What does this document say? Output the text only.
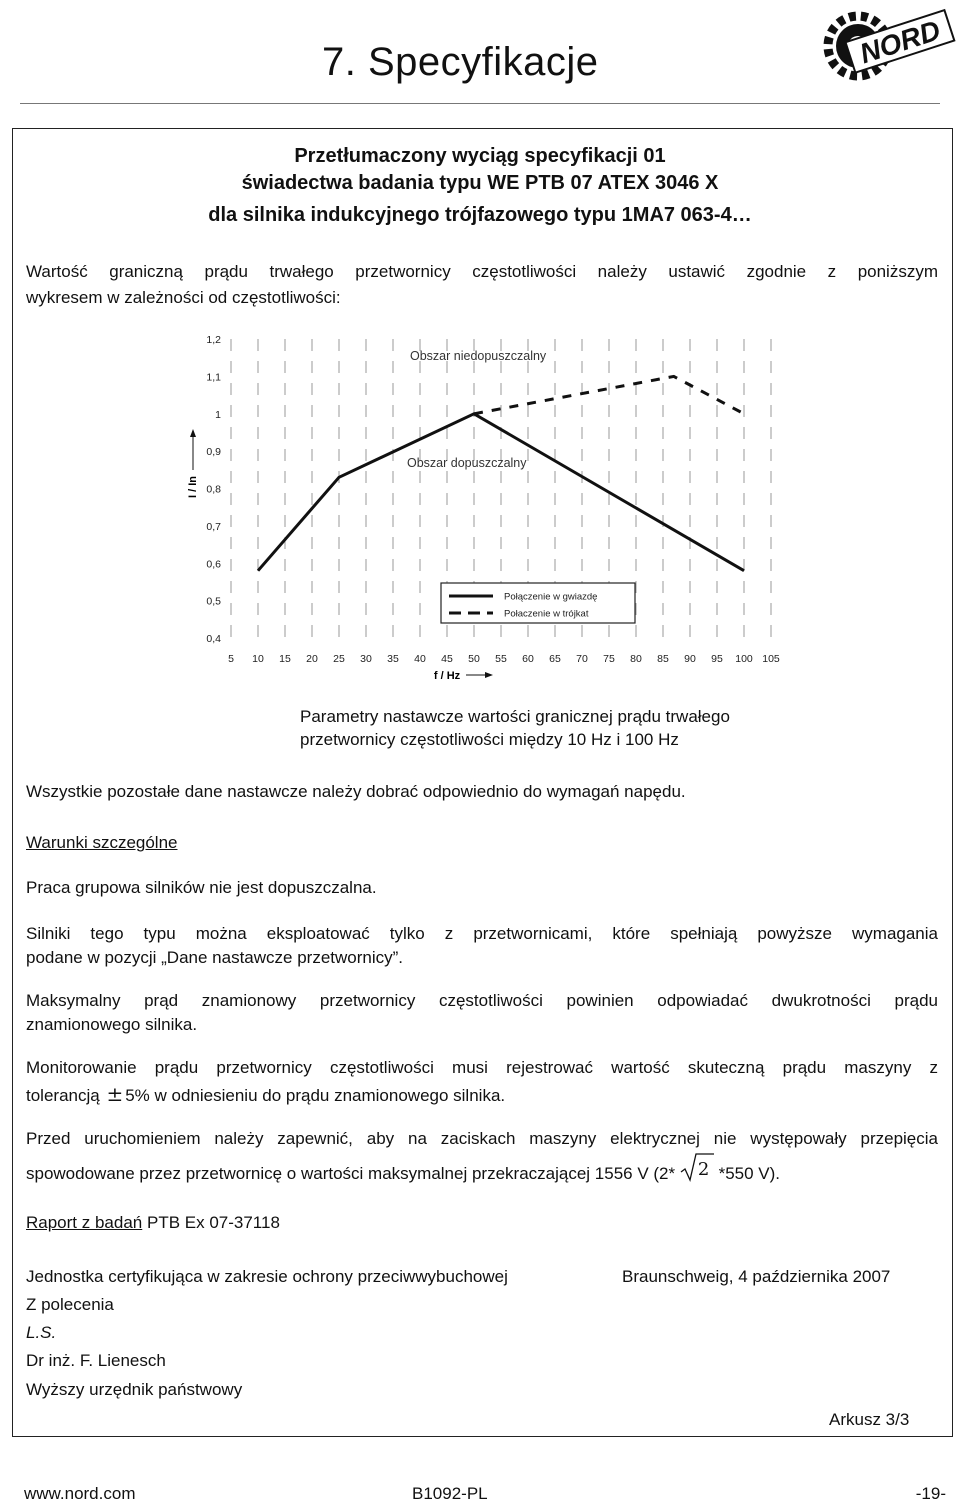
7. Specyfikacje	NORD
Przetłumaczony wyciąg specyfikacji 01
świadectwa badania typu WE PTB 07 ATEX 3046 X
dla silnika indukcyjnego trójfazowego typu 1MA7 063-4…
Wartość graniczną prądu trwałego przetwornicy częstotliwości należy ustawić zgodnie z poniższym
wykresem w zależności od częstotliwości:
5 10 15 20 25 30 35 40 45 50 55 60 65 70 75 80 85 90 95 100 105
0,4
0,5
0,6
0,7
0,8
0,9
1
1,1
1,2
f / Hz
I / In
Obszar niedopuszczalny
Obszar dopuszczalny
Połączenie w gwiazdę
Połaczenie w trójkat
Parametry nastawcze wartości granicznej prądu trwałego
przetwornicy częstotliwości między 10 Hz i 100 Hz
Wszystkie pozostałe dane nastawcze należy dobrać odpowiednio do wymagań napędu.
Warunki szczególne
Praca grupowa silników nie jest dopuszczalna.
Silniki tego typu można eksploatować tylko z przetwornicami, które spełniają powyższe wymagania
podane w pozycji „Dane nastawcze przetwornicy”.
Maksymalny prąd znamionowy przetwornicy częstotliwości powinien odpowiadać dwukrotności prądu
znamionowego silnika.
Monitorowanie prądu przetwornicy częstotliwości musi rejestrować wartość skuteczną prądu maszyny z
tolerancją ± 5% w odniesieniu do prądu znamionowego silnika.
Przed uruchomieniem należy zapewnić, aby na zaciskach maszyny elektrycznej nie występowały przepięcia
spowodowane przez przetwornicę o wartości maksymalnej przekraczającej 1556 V (2* 2 *550 V).
Raport z badań PTB Ex 07-37118
Jednostka certyfikująca w zakresie ochrony przeciwwybuchowej	Braunschweig, 4 października 2007
Z polecenia
L.S.
Dr inż. F. Lienesch
Wyższy urzędnik państwowy
Arkusz 3/3
www.nord.com	B1092-PL	-19-
